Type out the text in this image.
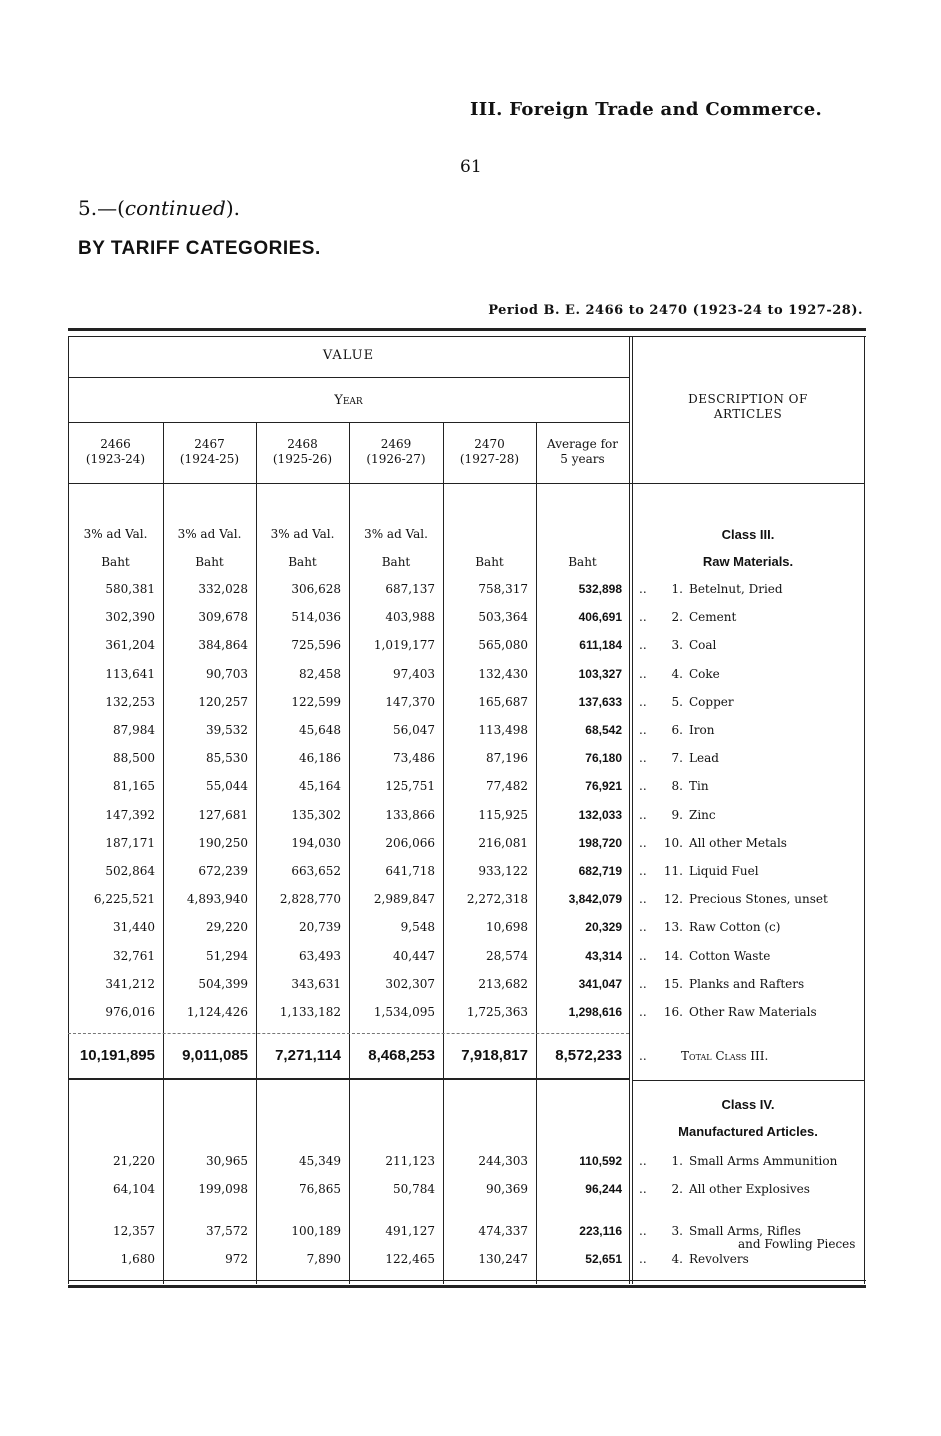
III. Foreign Trade and Commerce.
61
5.—(continued).
BY TARIFF CATEGORIES.
Period B. E. 2466 to 2470 (1923-24 to 1927-28).
VALUE
Year	DESCRIPTION OF
ARTICLES
2466
(1923-24)
2467
(1924-25)
2468
(1925-26)
2469
(1926-27)
2470
(1927-28)
Average for
5 years
3% ad Val.	3% ad Val.	3% ad Val.	3% ad Val.
Baht	Baht	Baht	Baht	Baht	Baht
Class III.
Raw Materials.
580,381	332,028	306,628	687,137	758,317	532,898 .. 1. Betelnut, Dried
302,390	309,678	514,036	403,988	503,364	406,691 .. 2. Cement
361,204	384,864	725,596	1,019,177	565,080	611,184 .. 3. Coal
113,641	90,703	82,458	97,403	132,430	103,327 .. 4. Coke
132,253	120,257	122,599	147,370	165,687	137,633 .. 5. Copper
87,984	39,532	45,648	56,047	113,498	68,542 .. 6. Iron
88,500	85,530	46,186	73,486	87,196	76,180 .. 7. Lead
81,165	55,044	45,164	125,751	77,482	76,921 .. 8. Tin
147,392	127,681	135,302	133,866	115,925	132,033 .. 9. Zinc
187,171	190,250	194,030	206,066	216,081	198,720 .. 10. All other Metals
502,864	672,239	663,652	641,718	933,122	682,719 .. 11. Liquid Fuel
6,225,521	4,893,940	2,828,770	2,989,847	2,272,318	3,842,079 .. 12. Precious Stones, unset
31,440	29,220	20,739	9,548	10,698	20,329 .. 13. Raw Cotton (c)
32,761	51,294	63,493	40,447	28,574	43,314 .. 14. Cotton Waste
341,212	504,399	343,631	302,307	213,682	341,047 .. 15. Planks and Rafters
976,016	1,124,426	1,133,182	1,534,095	1,725,363	1,298,616 .. 16. Other Raw Materials
10,191,895	9,011,085	7,271,114	8,468,253	7,918,817	8,572,233 ..	Total Class III.
Class IV.
Manufactured Articles.
21,220	30,965	45,349	211,123	244,303	110,592 .. 1. Small Arms Ammunition
64,104	199,098	76,865	50,784	90,369	96,244 .. 2. All other Explosives
12,357	37,572	100,189	491,127	474,337	223,116 .. 3. Small Arms, Rifles
and Fowling Pieces
1,680	972	7,890	122,465	130,247	52,651 .. 4. Revolvers
